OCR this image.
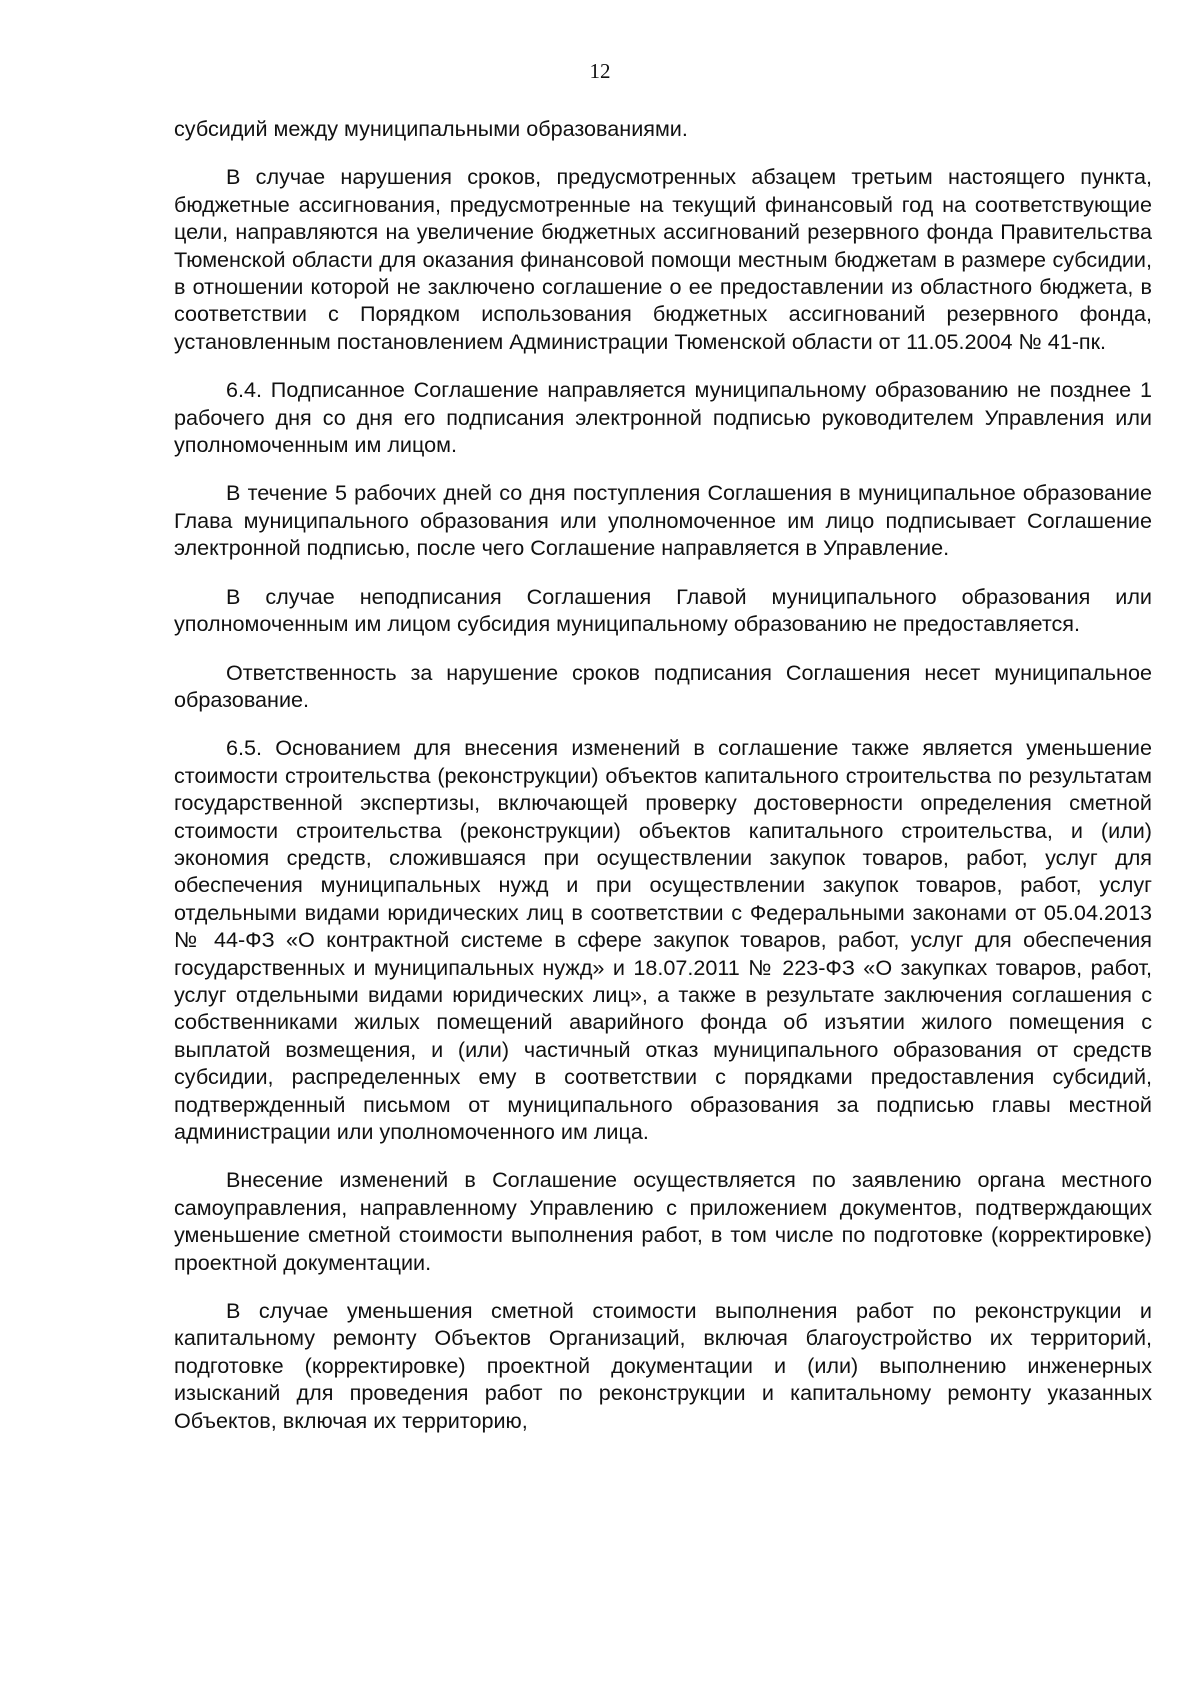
12

субсидий между муниципальными образованиями.

В случае нарушения сроков, предусмотренных абзацем третьим настоящего пункта, бюджетные ассигнования, предусмотренные на текущий финансовый год на соответствующие цели, направляются на увеличение бюджетных ассигнований резервного фонда Правительства Тюменской области для оказания финансовой помощи местным бюджетам в размере субсидии, в отношении которой не заключено соглашение о ее предоставлении из областного бюджета, в соответствии с Порядком использования бюджетных ассигнований резервного фонда, установленным постановлением Администрации Тюменской области от 11.05.2004 № 41-пк.

6.4. Подписанное Соглашение направляется муниципальному образованию не позднее 1 рабочего дня со дня его подписания электронной подписью руководителем Управления или уполномоченным им лицом.

В течение 5 рабочих дней со дня поступления Соглашения в муниципальное образование Глава муниципального образования или уполномоченное им лицо подписывает Соглашение электронной подписью, после чего Соглашение направляется в Управление.

В случае неподписания Соглашения Главой муниципального образования или уполномоченным им лицом субсидия муниципальному образованию не предоставляется.

Ответственность за нарушение сроков подписания Соглашения несет муниципальное образование.

6.5. Основанием для внесения изменений в соглашение также является уменьшение стоимости строительства (реконструкции) объектов капитального строительства по результатам государственной экспертизы, включающей проверку достоверности определения сметной стоимости строительства (реконструкции) объектов капитального строительства, и (или) экономия средств, сложившаяся при осуществлении закупок товаров, работ, услуг для обеспечения муниципальных нужд и при осуществлении закупок товаров, работ, услуг отдельными видами юридических лиц в соответствии с Федеральными законами от 05.04.2013 № 44-ФЗ «О контрактной системе в сфере закупок товаров, работ, услуг для обеспечения государственных и муниципальных нужд» и 18.07.2011 № 223-ФЗ «О закупках товаров, работ, услуг отдельными видами юридических лиц», а также в результате заключения соглашения с собственниками жилых помещений аварийного фонда об изъятии жилого помещения с выплатой возмещения, и (или) частичный отказ муниципального образования от средств субсидии, распределенных ему в соответствии с порядками предоставления субсидий, подтвержденный письмом от муниципального образования за подписью главы местной администрации или уполномоченного им лица.

Внесение изменений в Соглашение осуществляется по заявлению органа местного самоуправления, направленному Управлению с приложением документов, подтверждающих уменьшение сметной стоимости выполнения работ, в том числе по подготовке (корректировке) проектной документации.

В случае уменьшения сметной стоимости выполнения работ по реконструкции и капитальному ремонту Объектов Организаций, включая благоустройство их территорий, подготовке (корректировке) проектной документации и (или) выполнению инженерных изысканий для проведения работ по реконструкции и капитальному ремонту указанных Объектов, включая их территорию,
